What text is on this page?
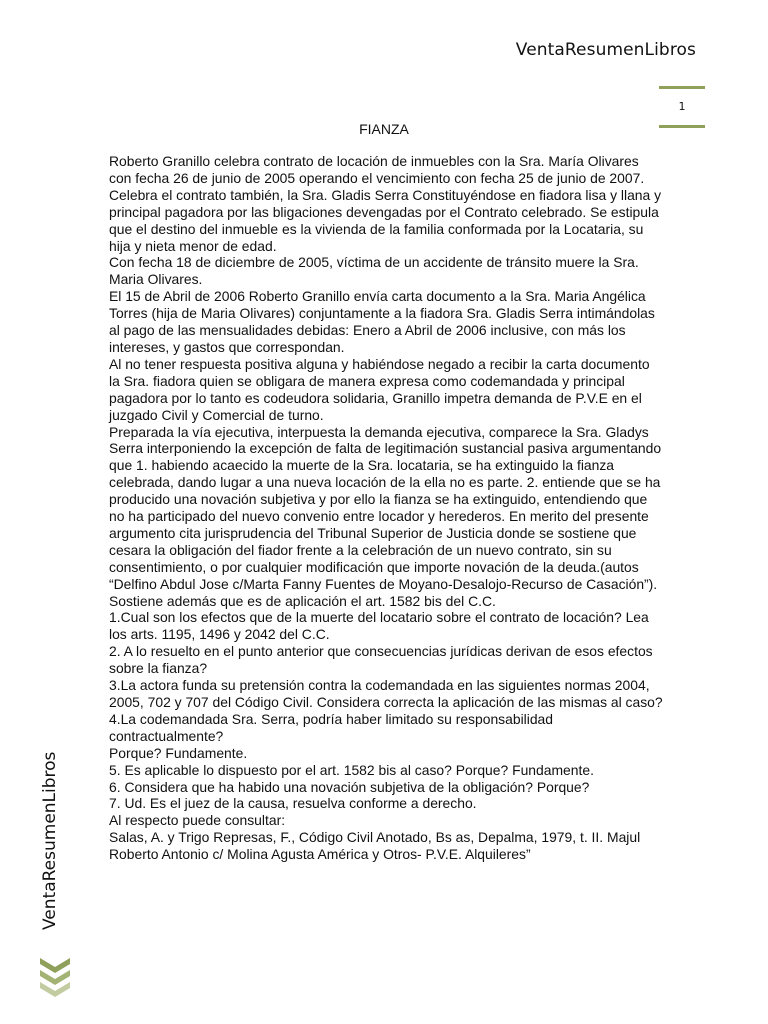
VentaResumenLibros
1
FIANZA

Roberto Granillo celebra contrato de locación de inmuebles con la Sra. María Olivares con fecha 26 de junio de 2005 operando el vencimiento con fecha 25 de junio de 2007. Celebra el contrato también, la Sra. Gladis Serra Constituyéndose en fiadora lisa y llana y principal pagadora por las bligaciones devengadas por el Contrato celebrado. Se estipula que el destino del inmueble es la vivienda de la familia conformada por la Locataria, su hija y nieta menor de edad.

Con fecha 18 de diciembre de 2005, víctima de un accidente de tránsito muere la Sra. Maria Olivares.

El 15 de Abril de 2006 Roberto Granillo envía carta documento a la Sra. Maria Angélica Torres (hija de Maria Olivares) conjuntamente a la fiadora Sra. Gladis Serra intimándolas al pago de las mensualidades debidas: Enero a Abril de 2006 inclusive, con más los intereses, y gastos que correspondan.

Al no tener respuesta positiva alguna y habiéndose negado a recibir la carta documento la Sra. fiadora quien se obligara de manera expresa como codemandada y principal pagadora por lo tanto es codeudora solidaria, Granillo impetra demanda de P.V.E en el juzgado Civil y Comercial de turno.

Preparada la vía ejecutiva, interpuesta la demanda ejecutiva, comparece la Sra. Gladys Serra interponiendo la excepción de falta de legitimación sustancial pasiva argumentando que 1. habiendo acaecido la muerte de la Sra. locataria, se ha extinguido la fianza celebrada, dando lugar a una nueva locación de la ella no es parte. 2. entiende que se ha producido una novación subjetiva y por ello la fianza se ha extinguido, entendiendo que no ha participado del nuevo convenio entre locador y herederos. En merito del presente argumento cita jurisprudencia del Tribunal Superior de Justicia donde se sostiene que cesara la obligación del fiador frente a la celebración de un nuevo contrato, sin su consentimiento, o por cualquier modificación que importe novación de la deuda.(autos “Delfino Abdul Jose c/Marta Fanny Fuentes de Moyano-Desalojo-Recurso de Casación”). Sostiene además que es de aplicación el art. 1582 bis del C.C.

1.Cual son los efectos que de la muerte del locatario sobre el contrato de locación? Lea los arts. 1195, 1496 y 2042 del C.C.

2. A lo resuelto en el punto anterior que consecuencias jurídicas derivan de esos efectos sobre la fianza?

3.La actora funda su pretensión contra la codemandada en las siguientes normas 2004, 2005, 702 y 707 del Código Civil. Considera correcta la aplicación de las mismas al caso?

4.La codemandada Sra. Serra, podría haber limitado su responsabilidad contractualmente?

Porque? Fundamente.

5. Es aplicable lo dispuesto por el art. 1582 bis al caso? Porque? Fundamente.

6. Considera que ha habido una novación subjetiva de la obligación? Porque?

7. Ud. Es el juez de la causa, resuelva conforme a derecho.

Al respecto puede consultar:

Salas, A. y Trigo Represas, F., Código Civil Anotado, Bs as, Depalma, 1979, t. II. Majul Roberto Antonio c/ Molina Agusta América y Otros- P.V.E. Alquileres”

VentaResumenLibros
